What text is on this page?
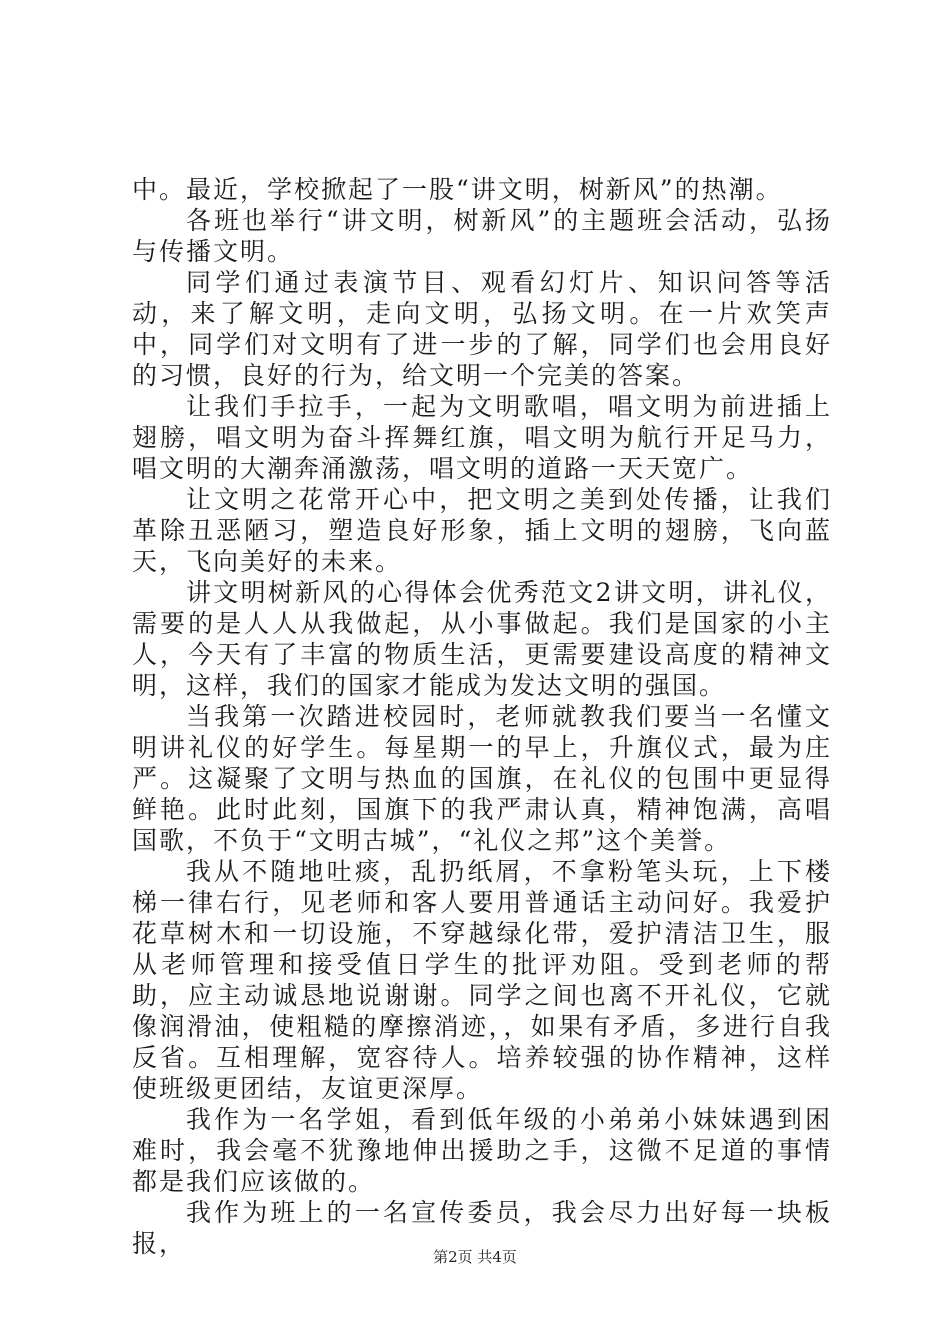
中。最近，学校掀起了一股“讲文明，树新风”的热潮。

各班也举行“讲文明，树新风”的主题班会活动，弘扬与传播文明。

同学们通过表演节目、观看幻灯片、知识问答等活动，来了解文明，走向文明，弘扬文明。在一片欢笑声中，同学们对文明有了进一步的了解，同学们也会用良好的习惯，良好的行为，给文明一个完美的答案。

让我们手拉手，一起为文明歌唱，唱文明为前进插上翅膀，唱文明为奋斗挥舞红旗，唱文明为航行开足马力，唱文明的大潮奔涌激荡，唱文明的道路一天天宽广。

让文明之花常开心中，把文明之美到处传播，让我们革除丑恶陋习，塑造良好形象，插上文明的翅膀，飞向蓝天，飞向美好的未来。

讲文明树新风的心得体会优秀范文2讲文明，讲礼仪，需要的是人人从我做起，从小事做起。我们是国家的小主人，今天有了丰富的物质生活，更需要建设高度的精神文明，这样，我们的国家才能成为发达文明的强国。

当我第一次踏进校园时，老师就教我们要当一名懂文明讲礼仪的好学生。每星期一的早上，升旗仪式，最为庄严。这凝聚了文明与热血的国旗，在礼仪的包围中更显得鲜艳。此时此刻，国旗下的我严肃认真，精神饱满，高唱国歌，不负于“文明古城”，“礼仪之邦”这个美誉。

我从不随地吐痰，乱扔纸屑，不拿粉笔头玩，上下楼梯一律右行，见老师和客人要用普通话主动问好。我爱护花草树木和一切设施，不穿越绿化带，爱护清洁卫生，服从老师管理和接受值日学生的批评劝阻。受到老师的帮助，应主动诚恳地说谢谢。同学之间也离不开礼仪，它就像润滑油，使粗糙的摩擦消迹，，如果有矛盾，多进行自我反省。互相理解，宽容待人。培养较强的协作精神，这样使班级更团结，友谊更深厚。

我作为一名学姐，看到低年级的小弟弟小妹妹遇到困难时，我会毫不犹豫地伸出援助之手，这微不足道的事情都是我们应该做的。

我作为班上的一名宣传委员，我会尽力出好每一块板报，	第2页 共4页
